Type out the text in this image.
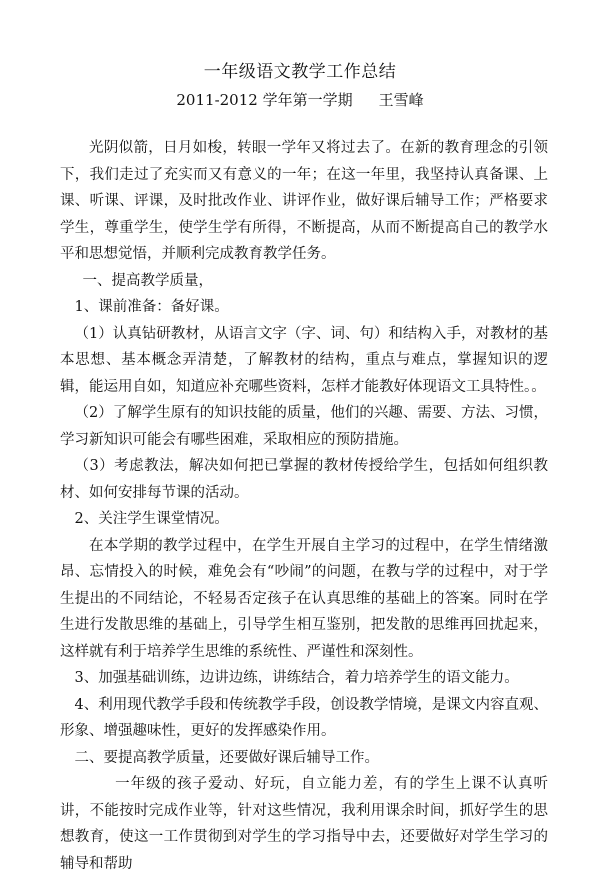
一年级语文教学工作总结
2011-2012 学年第一学期 王雪峰

光阴似箭，日月如梭，转眼一学年又将过去了。在新的教育理念的引领下，我们走过了充实而又有意义的一年；在这一年里，我坚持认真备课、上课、听课、评课，及时批改作业、讲评作业，做好课后辅导工作；严格要求学生，尊重学生，使学生学有所得，不断提高，从而不断提高自己的教学水平和思想觉悟，并顺利完成教育教学任务。

一、提高教学质量，

1、课前准备：备好课。

（1）认真钻研教材，从语言文字（字、词、句）和结构入手，对教材的基本思想、基本概念弄清楚，了解教材的结构，重点与难点，掌握知识的逻辑，能运用自如，知道应补充哪些资料，怎样才能教好体现语文工具特性。。

（2）了解学生原有的知识技能的质量，他们的兴趣、需要、方法、习惯，学习新知识可能会有哪些困难，采取相应的预防措施。

（3）考虑教法，解决如何把已掌握的教材传授给学生，包括如何组织教材、如何安排每节课的活动。

2、关注学生课堂情况。

在本学期的教学过程中，在学生开展自主学习的过程中，在学生情绪激昂、忘情投入的时候，难免会有“吵闹”的问题，在教与学的过程中，对于学生提出的不同结论，不轻易否定孩子在认真思维的基础上的答案。同时在学生进行发散思维的基础上，引导学生相互鉴别，把发散的思维再回扰起来，这样就有利于培养学生思维的系统性、严谨性和深刻性。

3、加强基础训练，边讲边练，讲练结合，着力培养学生的语文能力。

4、利用现代教学手段和传统教学手段，创设教学情境，是课文内容直观、形象、增强趣味性，更好的发挥感染作用。

二、要提高教学质量，还要做好课后辅导工作。

一年级的孩子爱动、好玩，自立能力差，有的学生上课不认真听讲，不能按时完成作业等，针对这些情况，我利用课余时间，抓好学生的思想教育，使这一工作贯彻到对学生的学习指导中去，还要做好对学生学习的辅导和帮助
